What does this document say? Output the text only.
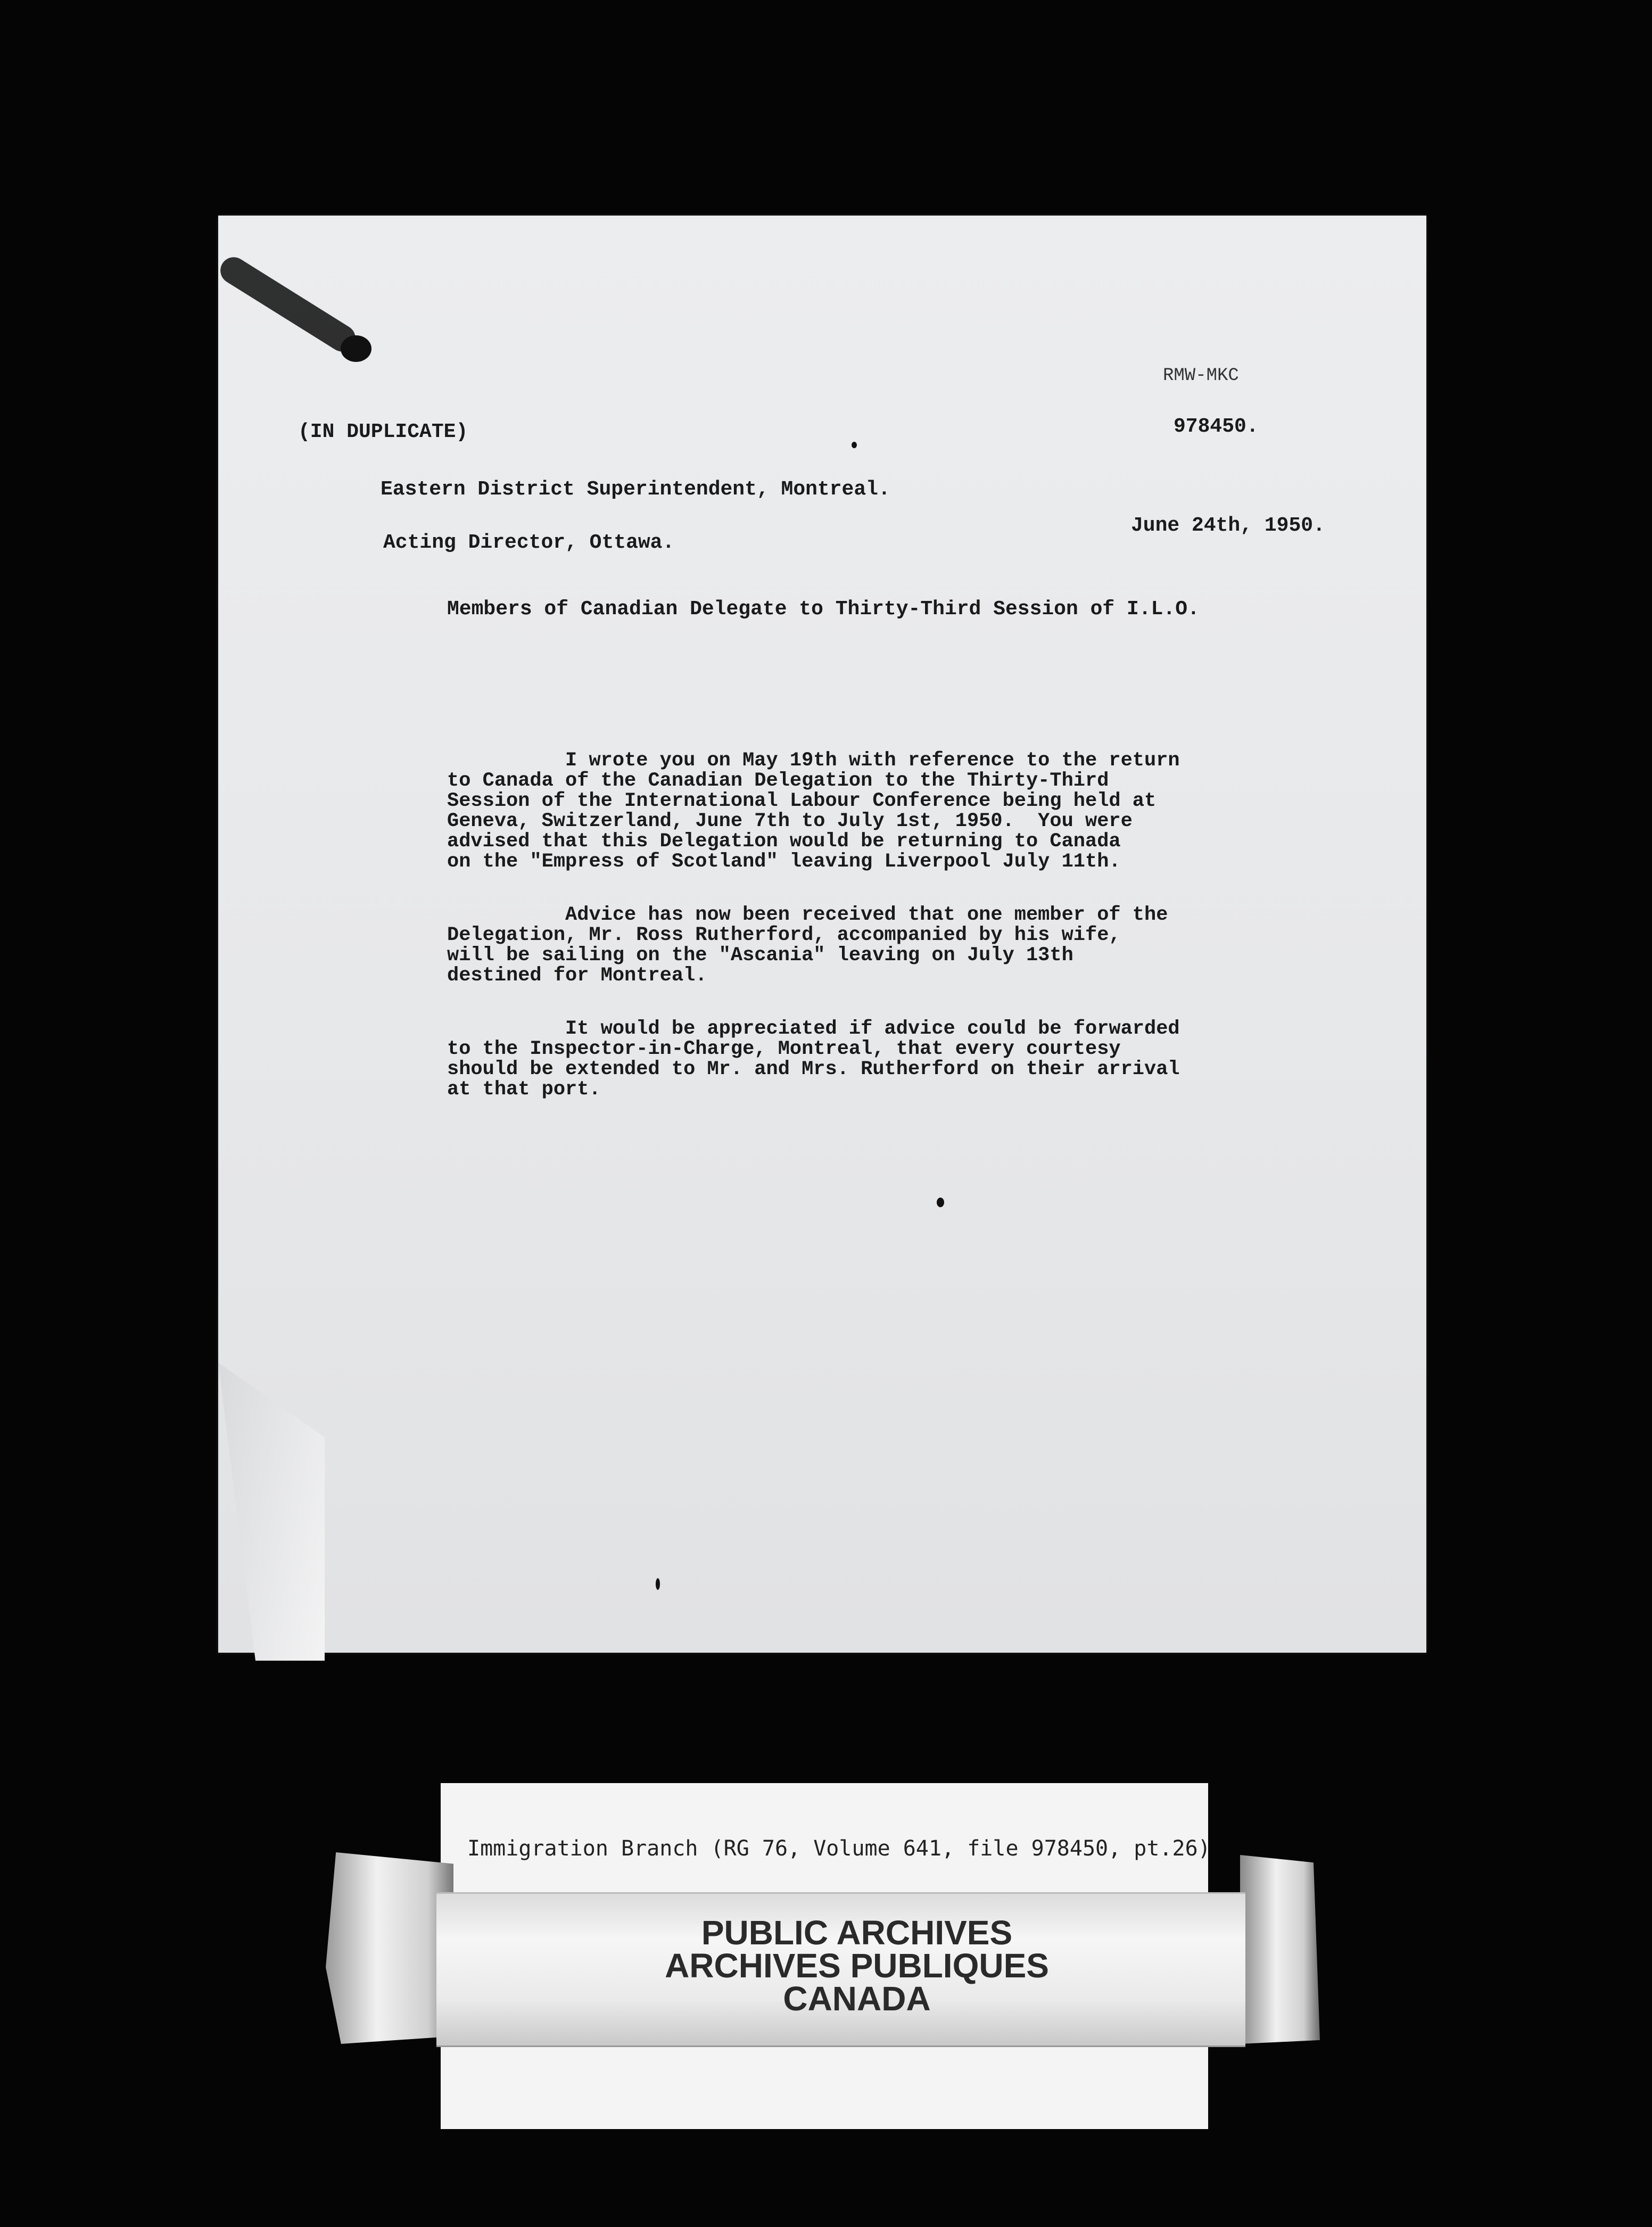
RMW-MKC
978450.
(IN DUPLICATE)
Eastern District Superintendent, Montreal.
Acting Director, Ottawa.
June 24th, 1950.
Members of Canadian Delegate to Thirty-Third Session of I.L.O.
I wrote you on May 19th with reference to the return
to Canada of the Canadian Delegation to the Thirty-Third
Session of the International Labour Conference being held at
Geneva, Switzerland, June 7th to July 1st, 1950.  You were
advised that this Delegation would be returning to Canada
on the "Empress of Scotland" leaving Liverpool July 11th.
Advice has now been received that one member of the
Delegation, Mr. Ross Rutherford, accompanied by his wife,
will be sailing on the "Ascania" leaving on July 13th
destined for Montreal.
It would be appreciated if advice could be forwarded
to the Inspector-in-Charge, Montreal, that every courtesy
should be extended to Mr. and Mrs. Rutherford on their arrival
at that port.
Immigration Branch (RG 76, Volume 641, file 978450, pt.26)
PUBLIC ARCHIVES
ARCHIVES PUBLIQUES
CANADA
